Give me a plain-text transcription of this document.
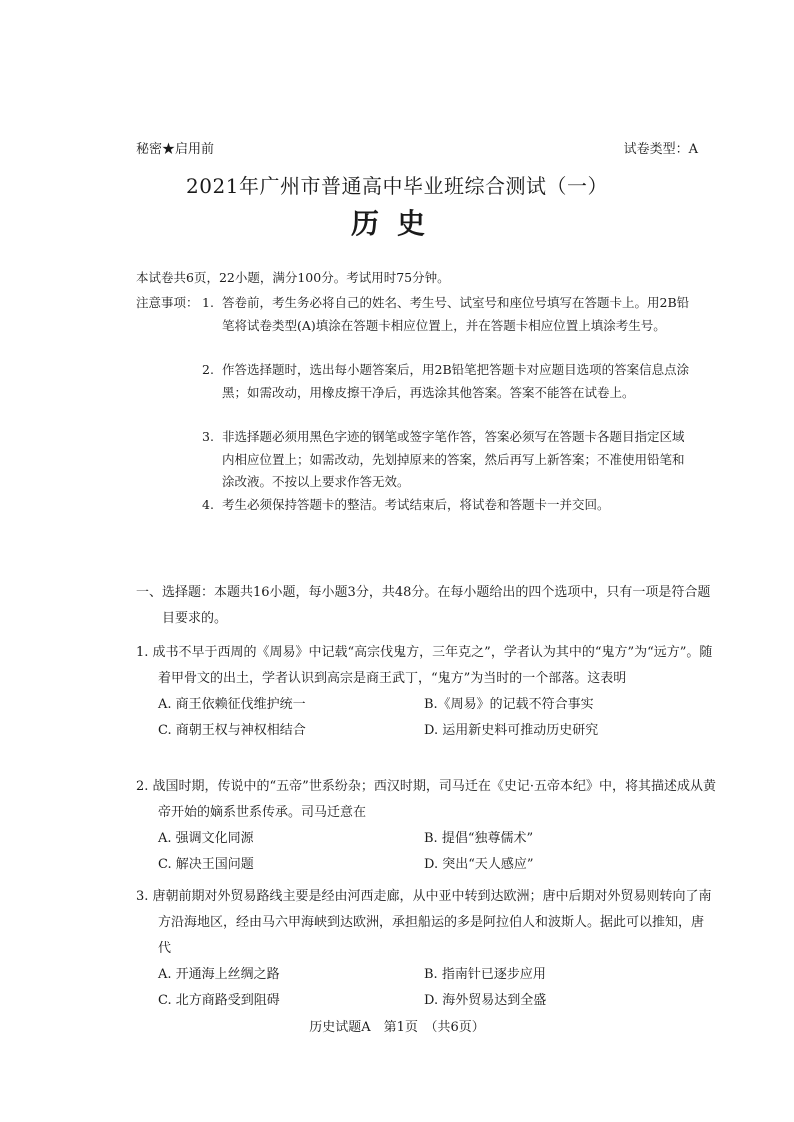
秘密★启用前	试卷类型：A
2021年广州市普通高中毕业班综合测试（一）
历史
本试卷共6页，22小题，满分100分。考试用时75分钟。
注意事项： 1. 答卷前，考生务必将自己的姓名、考生号、试室号和座位号填写在答题卡上。用2B铅笔将试卷类型(A)填涂在答题卡相应位置上，并在答题卡相应位置上填涂考生号。
2. 作答选择题时，选出每小题答案后，用2B铅笔把答题卡对应题目选项的答案信息点涂黑；如需改动，用橡皮擦干净后，再选涂其他答案。答案不能答在试卷上。
3. 非选择题必须用黑色字迹的钢笔或签字笔作答，答案必须写在答题卡各题目指定区域内相应位置上；如需改动，先划掉原来的答案，然后再写上新答案；不准使用铅笔和涂改液。不按以上要求作答无效。
4. 考生必须保持答题卡的整洁。考试结束后，将试卷和答题卡一并交回。
一、选择题：本题共16小题，每小题3分，共48分。在每小题给出的四个选项中，只有一项是符合题目要求的。
1. 成书不早于西周的《周易》中记载“高宗伐鬼方，三年克之”，学者认为其中的“鬼方”为“远方”。随着甲骨文的出土，学者认识到高宗是商王武丁，“鬼方”为当时的一个部落。这表明
A. 商王依赖征伐维护统一	B.《周易》的记载不符合事实
C. 商朝王权与神权相结合	D. 运用新史料可推动历史研究
2. 战国时期，传说中的“五帝”世系纷杂；西汉时期，司马迁在《史记·五帝本纪》中，将其描述成从黄帝开始的嫡系世系传承。司马迁意在
A. 强调文化同源	B. 提倡“独尊儒术”
C. 解决王国问题	D. 突出“天人感应”
3. 唐朝前期对外贸易路线主要是经由河西走廊，从中亚中转到达欧洲；唐中后期对外贸易则转向了南方沿海地区，经由马六甲海峡到达欧洲，承担船运的多是阿拉伯人和波斯人。据此可以推知，唐代
A. 开通海上丝绸之路	B. 指南针已逐步应用
C. 北方商路受到阻碍	D. 海外贸易达到全盛
历史试题A　第1页　（共6页）
